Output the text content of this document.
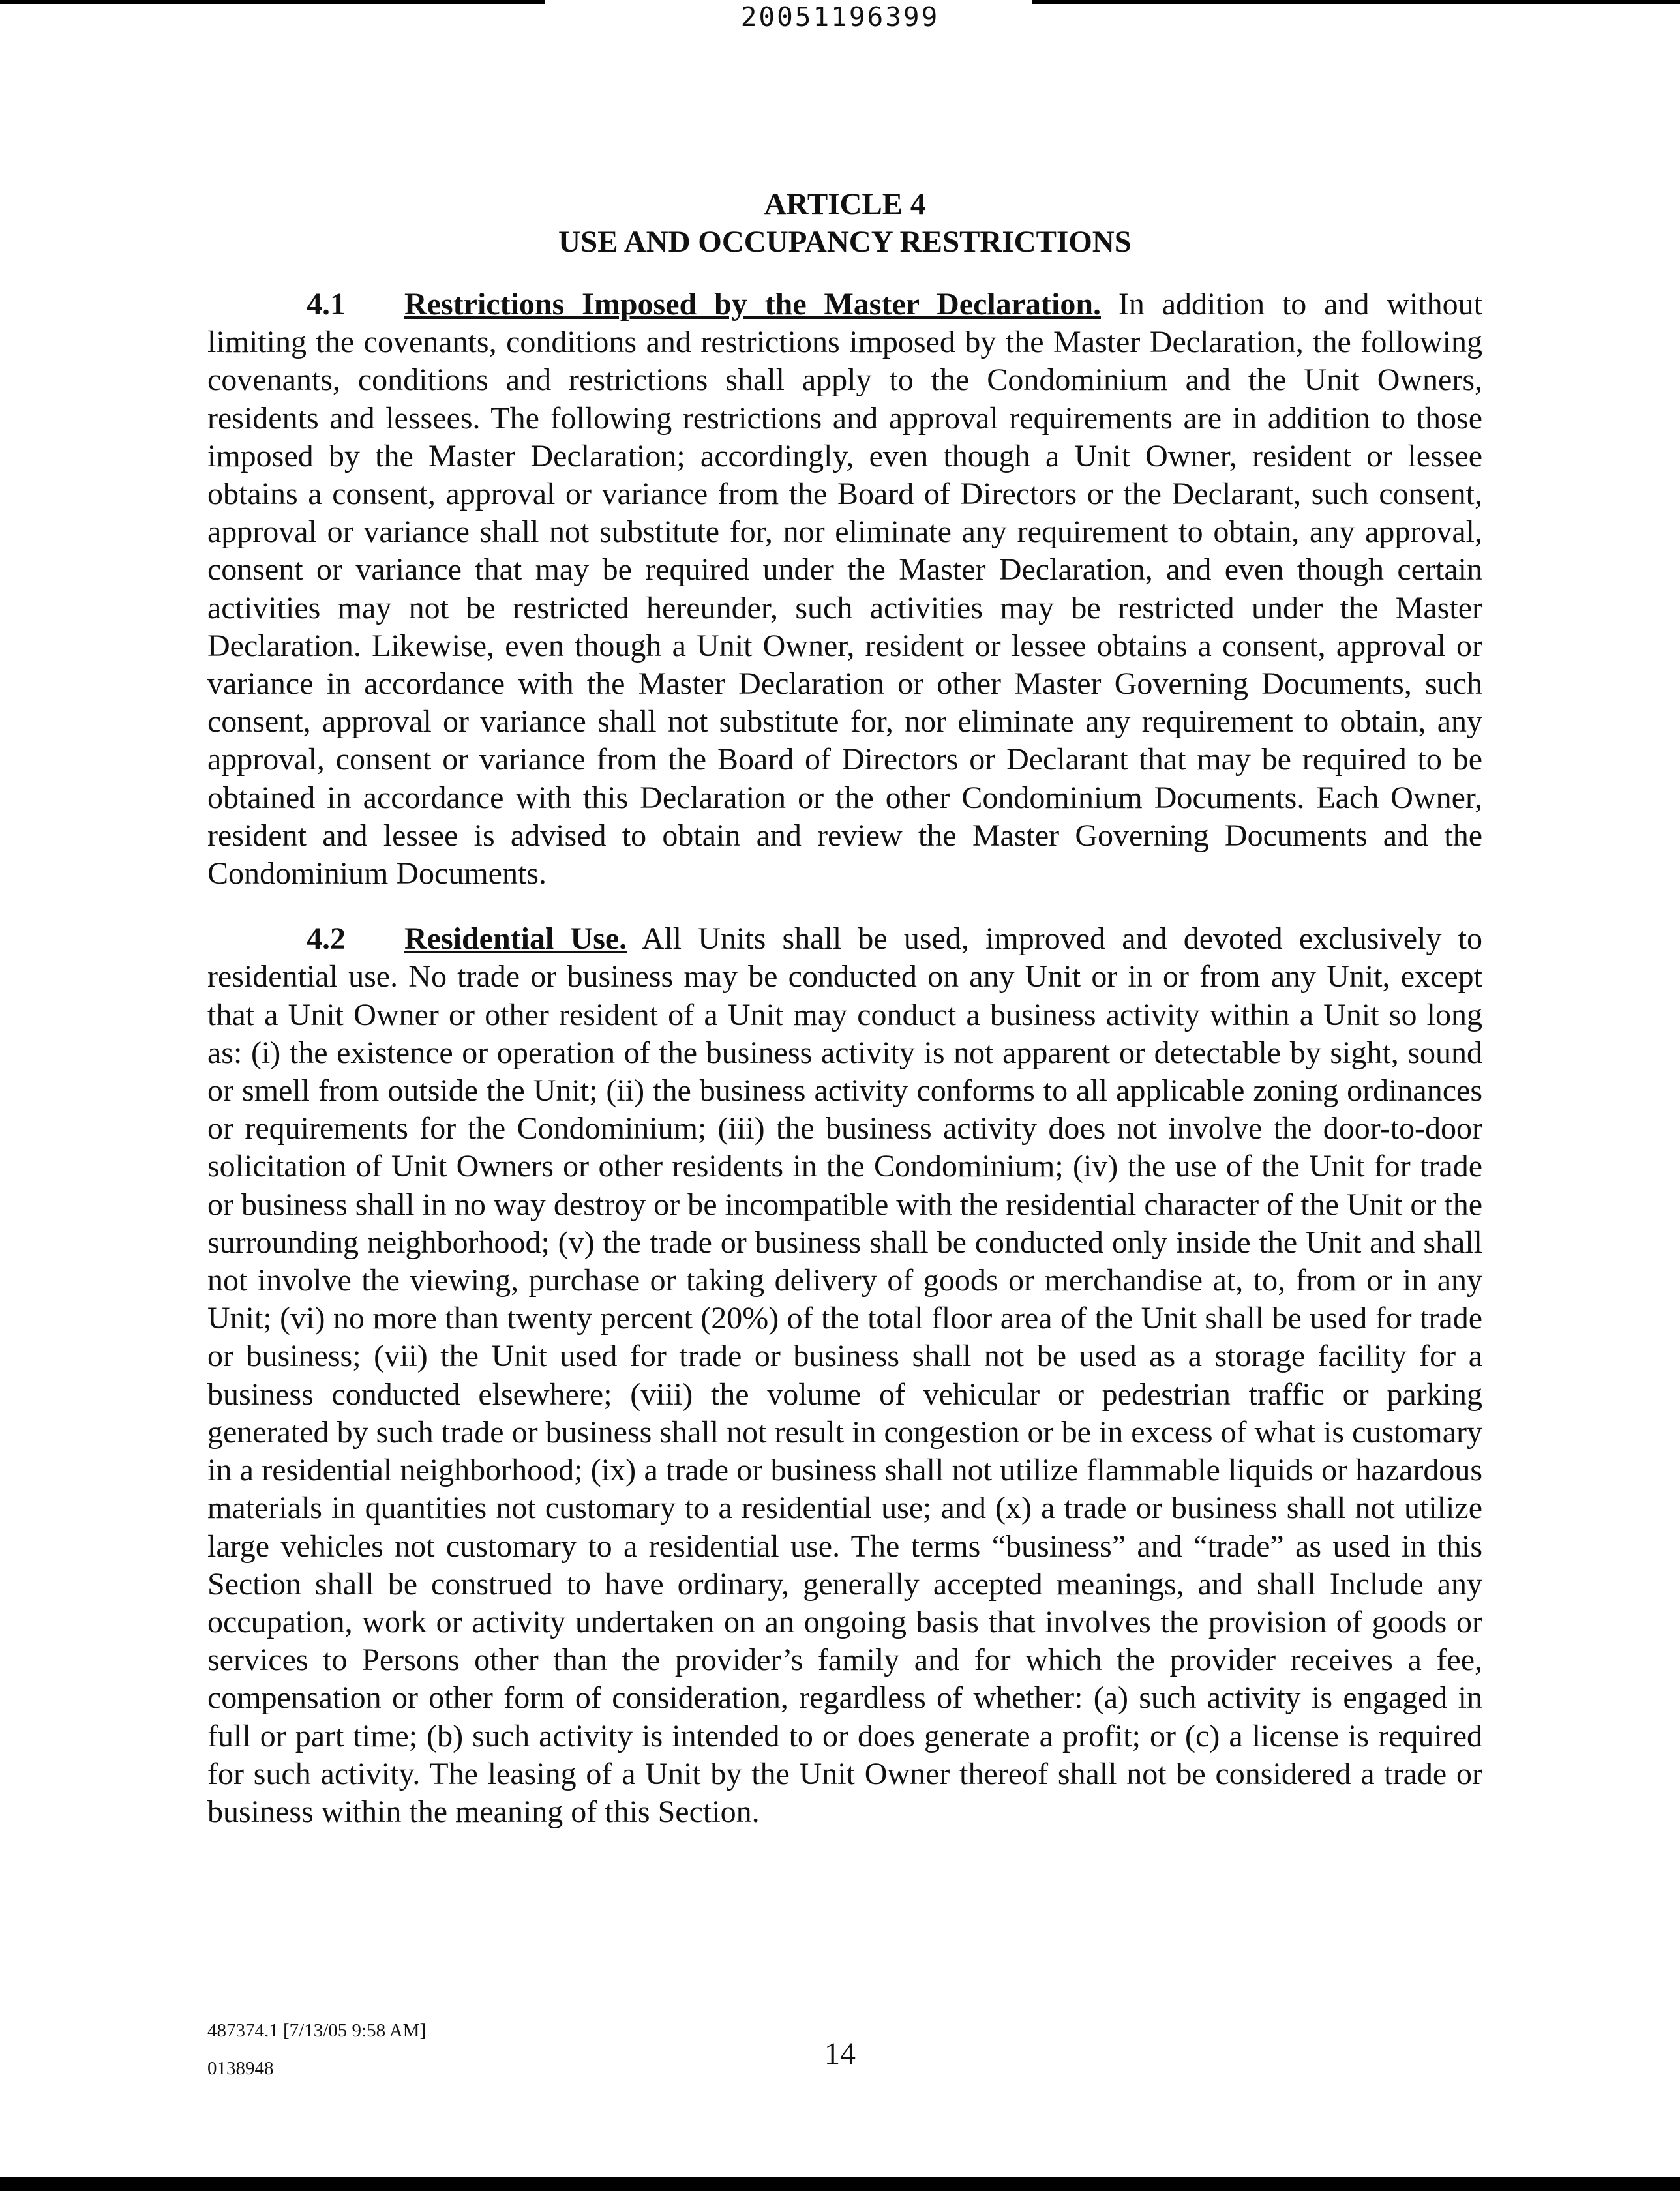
20051196399

ARTICLE 4

USE AND OCCUPANCY RESTRICTIONS

4.1 Restrictions Imposed by the Master Declaration. In addition to and without limiting the covenants, conditions and restrictions imposed by the Master Declaration, the following covenants, conditions and restrictions shall apply to the Condominium and the Unit Owners, residents and lessees. The following restrictions and approval requirements are in addition to those imposed by the Master Declaration; accordingly, even though a Unit Owner, resident or lessee obtains a consent, approval or variance from the Board of Directors or the Declarant, such consent, approval or variance shall not substitute for, nor eliminate any requirement to obtain, any approval, consent or variance that may be required under the Master Declaration, and even though certain activities may not be restricted hereunder, such activities may be restricted under the Master Declaration. Likewise, even though a Unit Owner, resident or lessee obtains a consent, approval or variance in accordance with the Master Declaration or other Master Governing Documents, such consent, approval or variance shall not substitute for, nor eliminate any requirement to obtain, any approval, consent or variance from the Board of Directors or Declarant that may be required to be obtained in accordance with this Declaration or the other Condominium Documents. Each Owner, resident and lessee is advised to obtain and review the Master Governing Documents and the Condominium Documents.

4.2 Residential Use. All Units shall be used, improved and devoted exclusively to residential use. No trade or business may be conducted on any Unit or in or from any Unit, except that a Unit Owner or other resident of a Unit may conduct a business activity within a Unit so long as: (i) the existence or operation of the business activity is not apparent or detectable by sight, sound or smell from outside the Unit; (ii) the business activity conforms to all applicable zoning ordinances or requirements for the Condominium; (iii) the business activity does not involve the door-to-door solicitation of Unit Owners or other residents in the Condominium; (iv) the use of the Unit for trade or business shall in no way destroy or be incompatible with the residential character of the Unit or the surrounding neighborhood; (v) the trade or business shall be conducted only inside the Unit and shall not involve the viewing, purchase or taking delivery of goods or merchandise at, to, from or in any Unit; (vi) no more than twenty percent (20%) of the total floor area of the Unit shall be used for trade or business; (vii) the Unit used for trade or business shall not be used as a storage facility for a business conducted elsewhere; (viii) the volume of vehicular or pedestrian traffic or parking generated by such trade or business shall not result in congestion or be in excess of what is customary in a residential neighborhood; (ix) a trade or business shall not utilize flammable liquids or hazardous materials in quantities not customary to a residential use; and (x) a trade or business shall not utilize large vehicles not customary to a residential use. The terms “business” and “trade” as used in this Section shall be construed to have ordinary, generally accepted meanings, and shall Include any occupation, work or activity undertaken on an ongoing basis that involves the provision of goods or services to Persons other than the provider’s family and for which the provider receives a fee, compensation or other form of consideration, regardless of whether: (a) such activity is engaged in full or part time; (b) such activity is intended to or does generate a profit; or (c) a license is required for such activity. The leasing of a Unit by the Unit Owner thereof shall not be considered a trade or business within the meaning of this Section.

487374.1 [7/13/05 9:58 AM]
0138948	14
